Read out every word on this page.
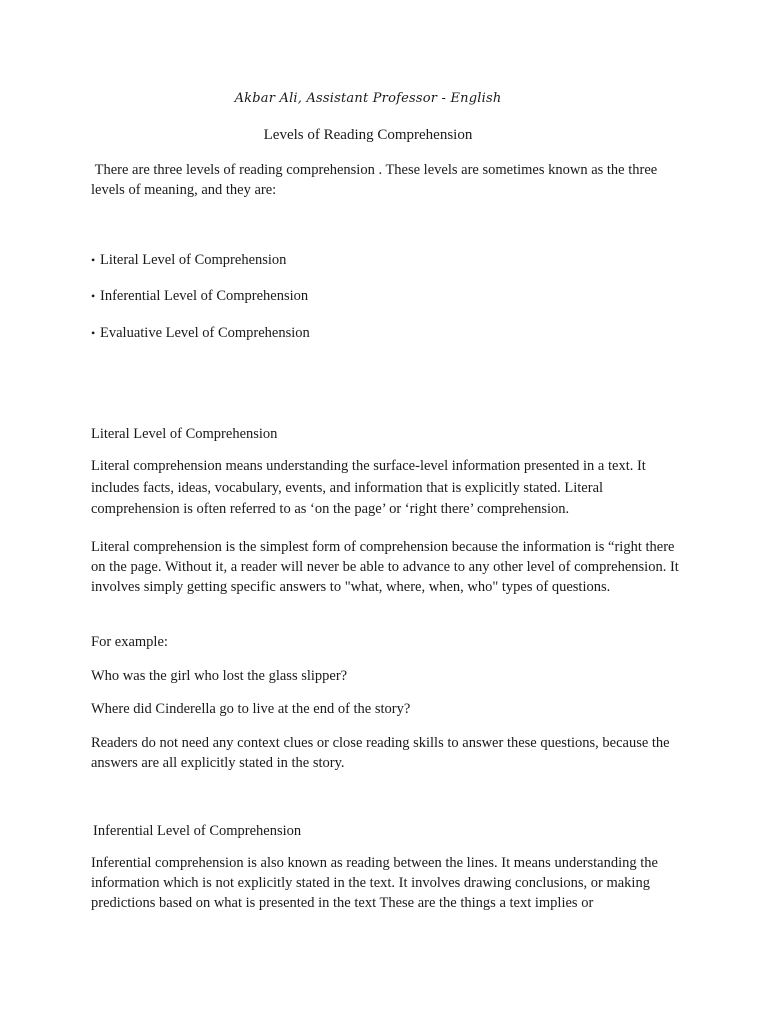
Akbar Ali, Assistant Professor - English
Levels of Reading Comprehension

There are three levels of reading comprehension . These levels are sometimes known as the three levels of meaning, and they are:

• Literal Level of Comprehension
• Inferential Level of Comprehension
• Evaluative Level of Comprehension
Literal Level of Comprehension

Literal comprehension means understanding the surface-level information presented in a text. It includes facts, ideas, vocabulary, events, and information that is explicitly stated. Literal comprehension is often referred to as ‘on the page’ or ‘right there’ comprehension.

Literal comprehension is the simplest form of comprehension because the information is “right there on the page. Without it, a reader will never be able to advance to any other level of comprehension. It involves simply getting specific answers to "what, where, when, who" types of questions.

For example:

Who was the girl who lost the glass slipper?

Where did Cinderella go to live at the end of the story?

Readers do not need any context clues or close reading skills to answer these questions, because the answers are all explicitly stated in the story.

Inferential Level of Comprehension

Inferential comprehension is also known as reading between the lines. It means understanding the information which is not explicitly stated in the text. It involves drawing conclusions, or making predictions based on what is presented in the text These are the things a text implies or
